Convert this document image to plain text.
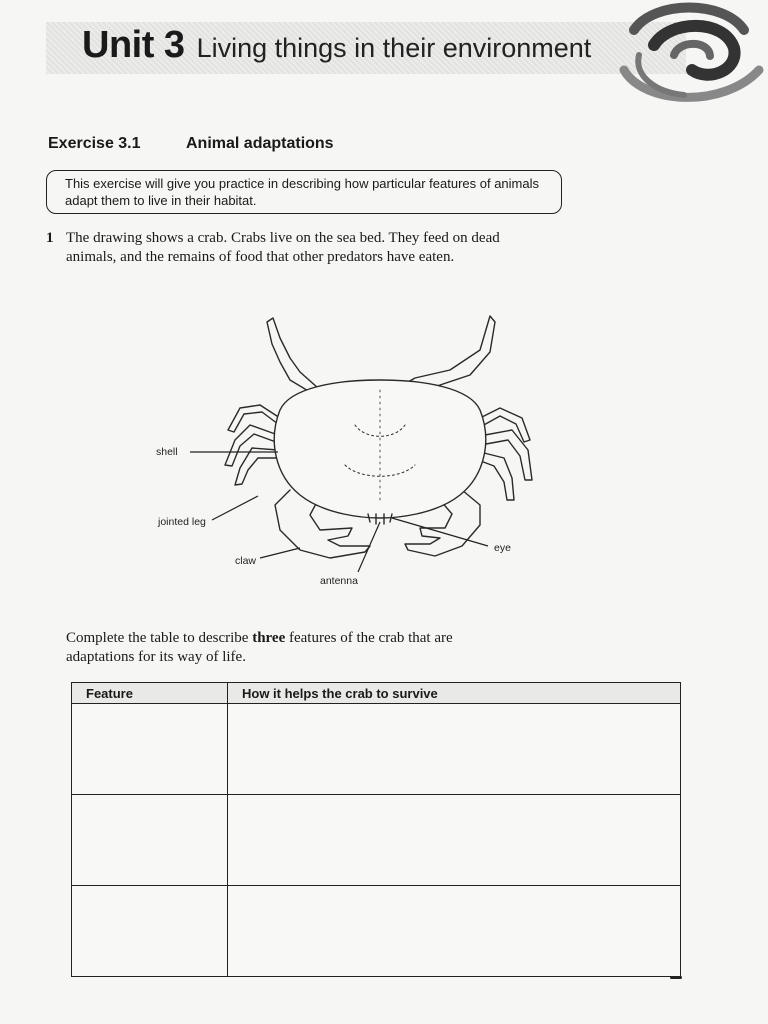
Unit 3 Living things in their environment
Exercise 3.1	Animal adaptations
This exercise will give you practice in describing how particular features of animals adapt them to live in their habitat.
1 The drawing shows a crab. Crabs live on the sea bed. They feed on dead animals, and the remains of food that other predators have eaten.
shell
jointed leg
claw
antenna
eye
Complete the table to describe three features of the crab that are adaptations for its way of life.
Feature	How it helps the crab to survive
